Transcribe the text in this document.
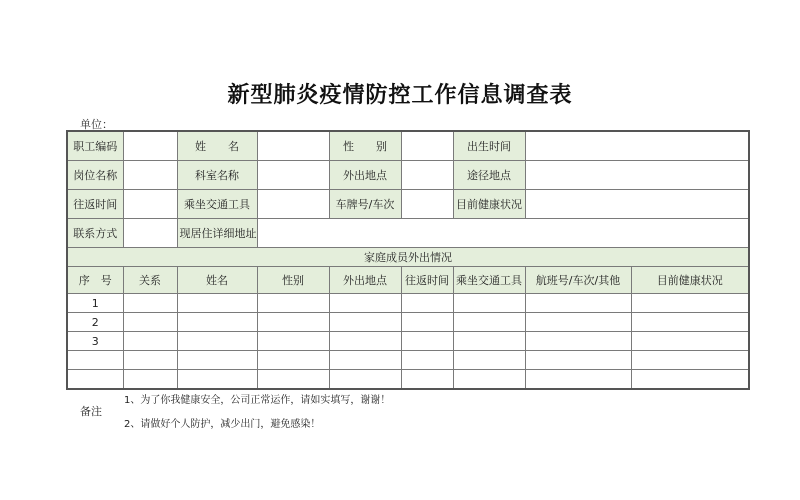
新型肺炎疫情防控工作信息调查表
单位：
职工编码		姓　　名		性　　别		出生时间		
岗位名称		科室名称		外出地点		途径地点		
往返时间		乘坐交通工具		车牌号/车次		目前健康状况		
联系方式		现居住详细地址						
家庭成员外出情况								
序　号	关系	姓名	性别	外出地点	往返时间	乘坐交通工具	航班号/车次/其他	目前健康状况
1								
2								
3								

备注
1、为了你我健康安全，公司正常运作，请如实填写，谢谢！
2、请做好个人防护，减少出门，避免感染！
